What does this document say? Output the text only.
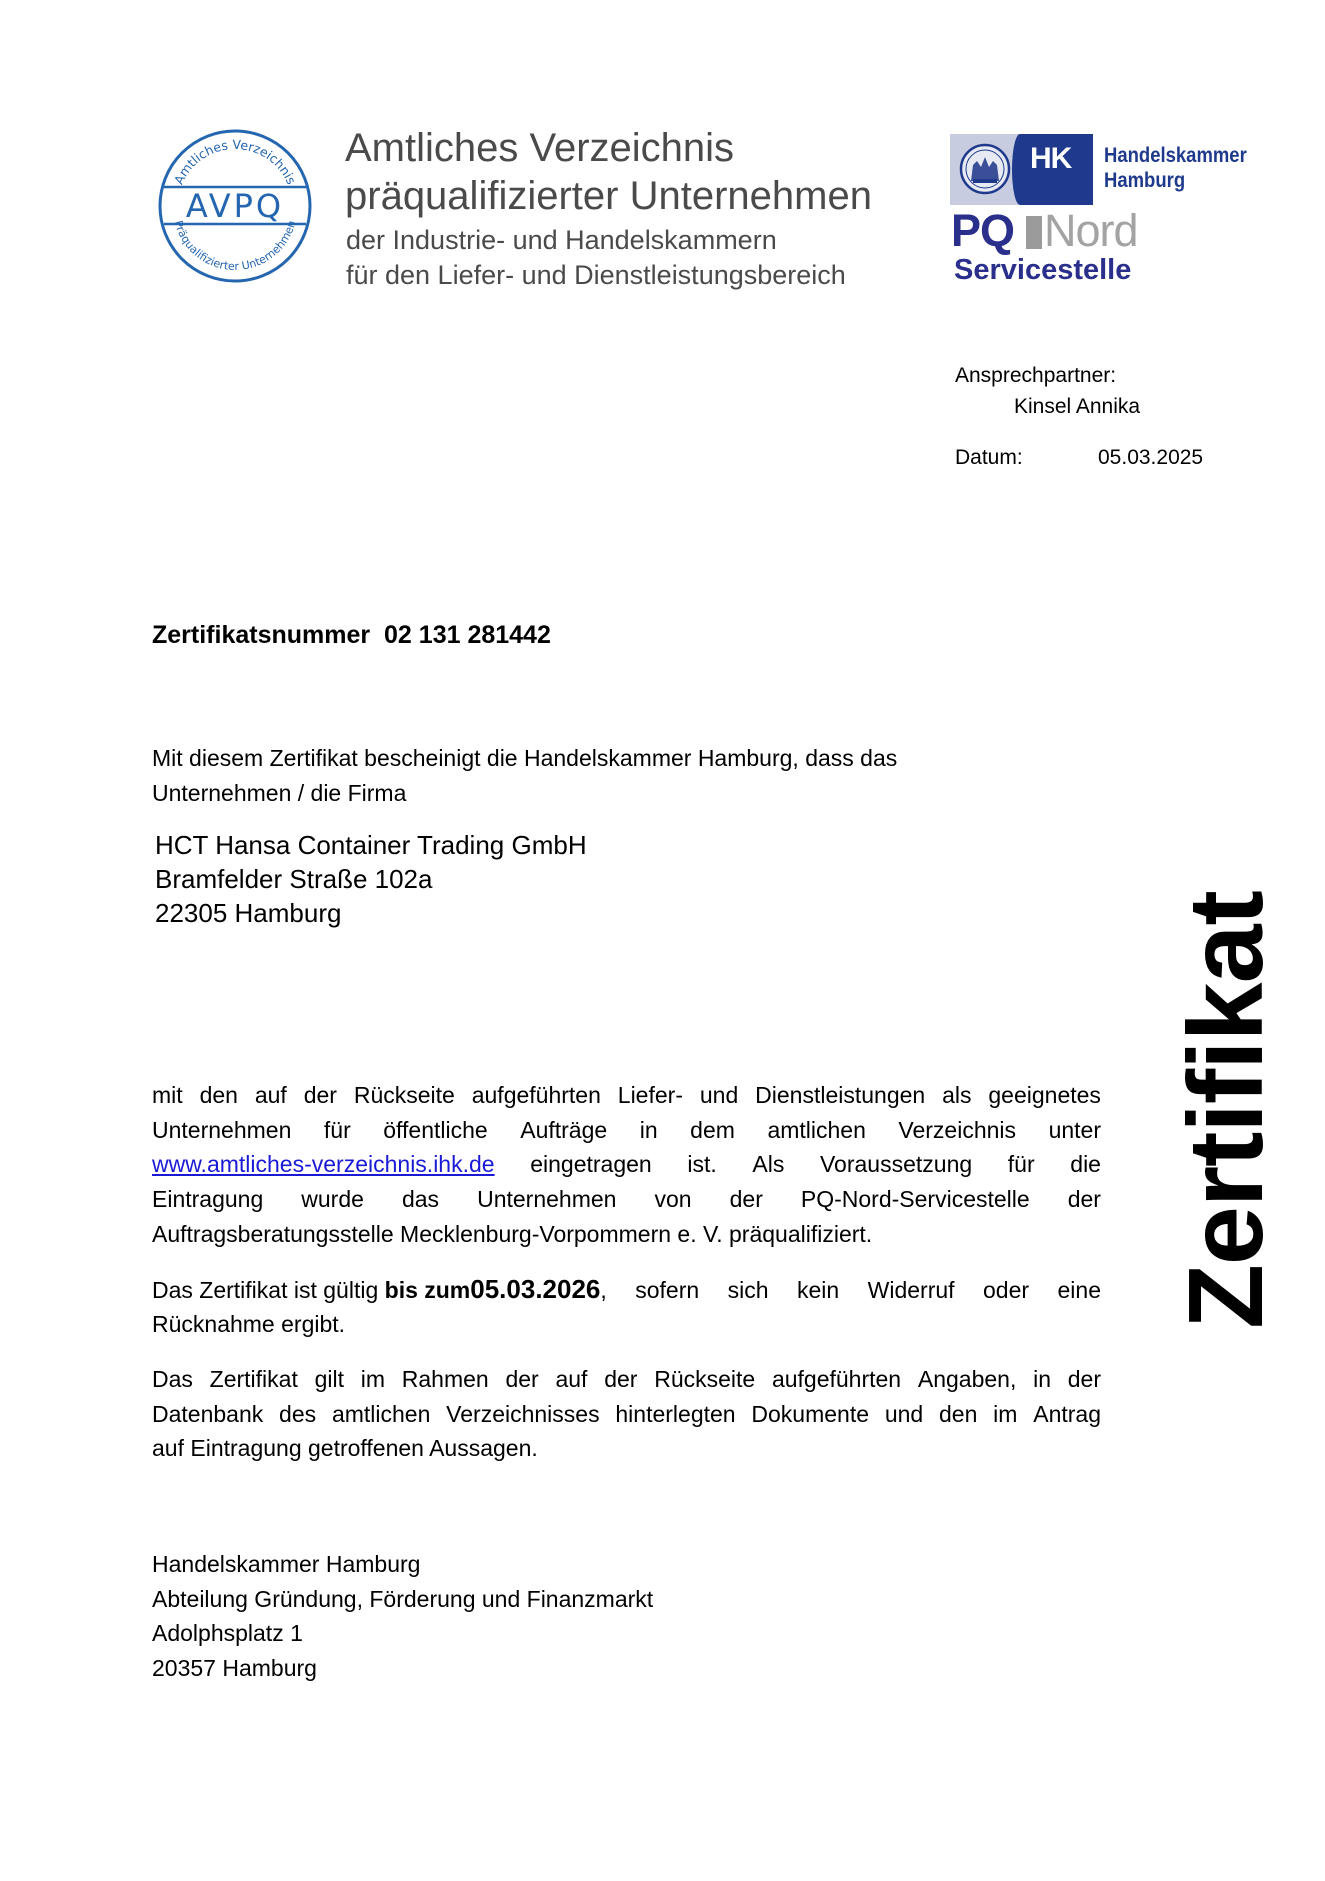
Amtliches Verzeichnis
AVPQ
Präqualifizierter Unternehmen
Amtliches Verzeichnis
präqualifizierter Unternehmen
der Industrie- und Handelskammern
für den Liefer- und Dienstleistungsbereich
HK Handelskammer
Hamburg
PQ Nord
Servicestelle
Ansprechpartner:
Kinsel Annika
Datum:	05.03.2025
Zertifikatsnummer 02 131 281442
Mit diesem Zertifikat bescheinigt die Handelskammer Hamburg, dass das
Unternehmen / die Firma
HCT Hansa Container Trading GmbH
Bramfelder Straße 102a
22305 Hamburg
mit den auf der Rückseite aufgeführten Liefer- und Dienstleistungen als geeignetes
Unternehmen für öffentliche Aufträge in dem amtlichen Verzeichnis unter
www.amtliches-verzeichnis.ihk.de eingetragen ist. Als Voraussetzung für die
Eintragung wurde das Unternehmen von der PQ-Nord-Servicestelle der
Auftragsberatungsstelle Mecklenburg-Vorpommern e. V. präqualifiziert.
Das Zertifikat ist gültig bis zum05.03.2026, sofern sich kein Widerruf oder eine
Rücknahme ergibt.
Das Zertifikat gilt im Rahmen der auf der Rückseite aufgeführten Angaben, in der
Datenbank des amtlichen Verzeichnisses hinterlegten Dokumente und den im Antrag
auf Eintragung getroffenen Aussagen.
Handelskammer Hamburg
Abteilung Gründung, Förderung und Finanzmarkt
Adolphsplatz 1
20357 Hamburg
Zertifikat
